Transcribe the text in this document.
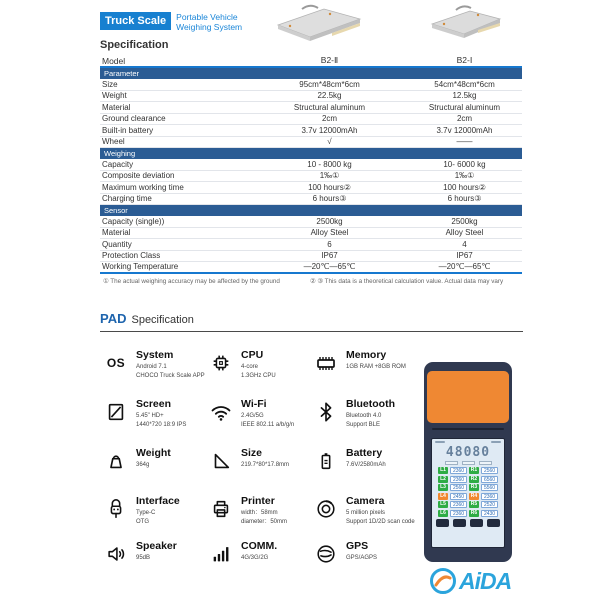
Truck Scale	Portable Vehicle
Weighing System
Specification
Model	B2-Ⅱ	B2-Ⅰ
Parameter
Size	95cm*48cm*6cm	54cm*48cm*6cm
Weight	22.5kg	12.5kg
Material	Structural aluminum	Structural aluminum
Ground clearance	2cm	2cm
Built-in battery	3.7v 12000mAh	3.7v 12000mAh
Wheel	√	——
Weighing
Capacity	10 - 8000 kg	10- 6000 kg
Composite deviation	1‰①	1‰①
Maximum working time	100 hours②	100 hours②
Charging time	6 hours③	6 hours③
Sensor
Capacity (single))	2500kg	2500kg
Material	Alloy Steel	Alloy Steel
Quantity	6	4
Protection Class	IP67	IP67
Working Temperature	—20℃—65℃	—20℃—65℃
① The actual weighing accuracy may be affected by the ground	② ③ This data is a theoretical calculation value. Actual data may vary
PAD Specification
OS
System
Android 7.1
CHOCO Truck Scale APP
CPU
4-core
1.3GHz CPU
Memory
1GB RAM +8GB ROM
Screen
5.45" HD+
1440*720 18:9 IPS
Wi-Fi
2.4G/5G
IEEE 802.11 a/b/g/n
Bluetooth
Bluetooth 4.0
Support BLE
Weight
364g
Size
219.7*80*17.8mm
Battery
7.6V/2580mAh
Interface
Type-C
OTG
Printer
width：58mm
diameter：50mm
Camera
5 million pixels
Support 1D/2D scan code
Speaker
95dB
COMM.
4G/3G/2G
GPS
GPS/AGPS
48080
L1	2360	R1	2560
L2	2360	R2	6560
L3	2560	R3	5560
L4	2450	R4	2360
L5	2360	R5	2520
L6	2360	R6	2430
AiDA
